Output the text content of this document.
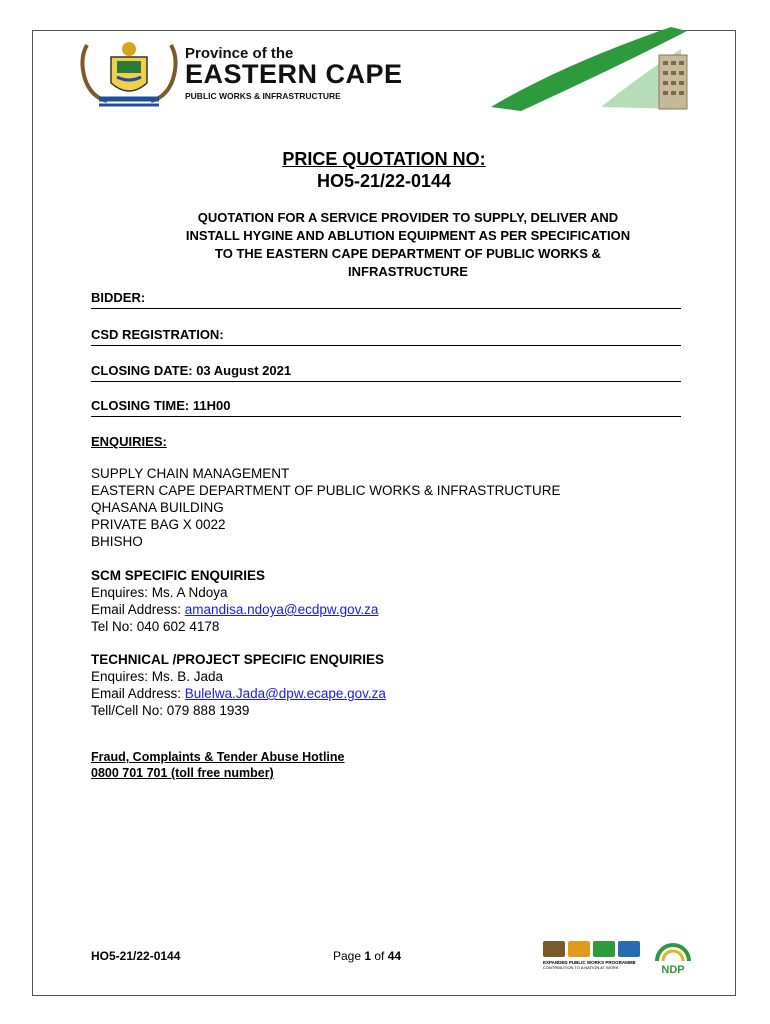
Province of the
EASTERN CAPE
PUBLIC WORKS & INFRASTRUCTURE
PRICE QUOTATION NO:
HO5-21/22-0144
QUOTATION FOR A SERVICE PROVIDER TO SUPPLY, DELIVER AND
INSTALL HYGINE AND ABLUTION EQUIPMENT AS PER SPECIFICATION
TO THE EASTERN CAPE DEPARTMENT OF PUBLIC WORKS &
INFRASTRUCTURE
BIDDER:
CSD REGISTRATION:
CLOSING DATE: 03 August 2021
CLOSING TIME: 11H00
ENQUIRIES:
SUPPLY CHAIN MANAGEMENT
EASTERN CAPE DEPARTMENT OF PUBLIC WORKS & INFRASTRUCTURE
QHASANA BUILDING
PRIVATE BAG X 0022
BHISHO
SCM SPECIFIC ENQUIRIES
Enquires: Ms. A Ndoya
Email Address: amandisa.ndoya@ecdpw.gov.za
Tel No: 040 602 4178
TECHNICAL /PROJECT SPECIFIC ENQUIRIES
Enquires: Ms. B. Jada
Email Address: Bulelwa.Jada@dpw.ecape.gov.za
Tell/Cell No: 079 888 1939
Fraud, Complaints & Tender Abuse Hotline
0800 701 701 (toll free number)
HO5-21/22-0144	Page 1 of 44	EXPANDED PUBLIC WORKS PROGRAMME
CONTRIBUTION TO A NATION AT WORK	NDP
